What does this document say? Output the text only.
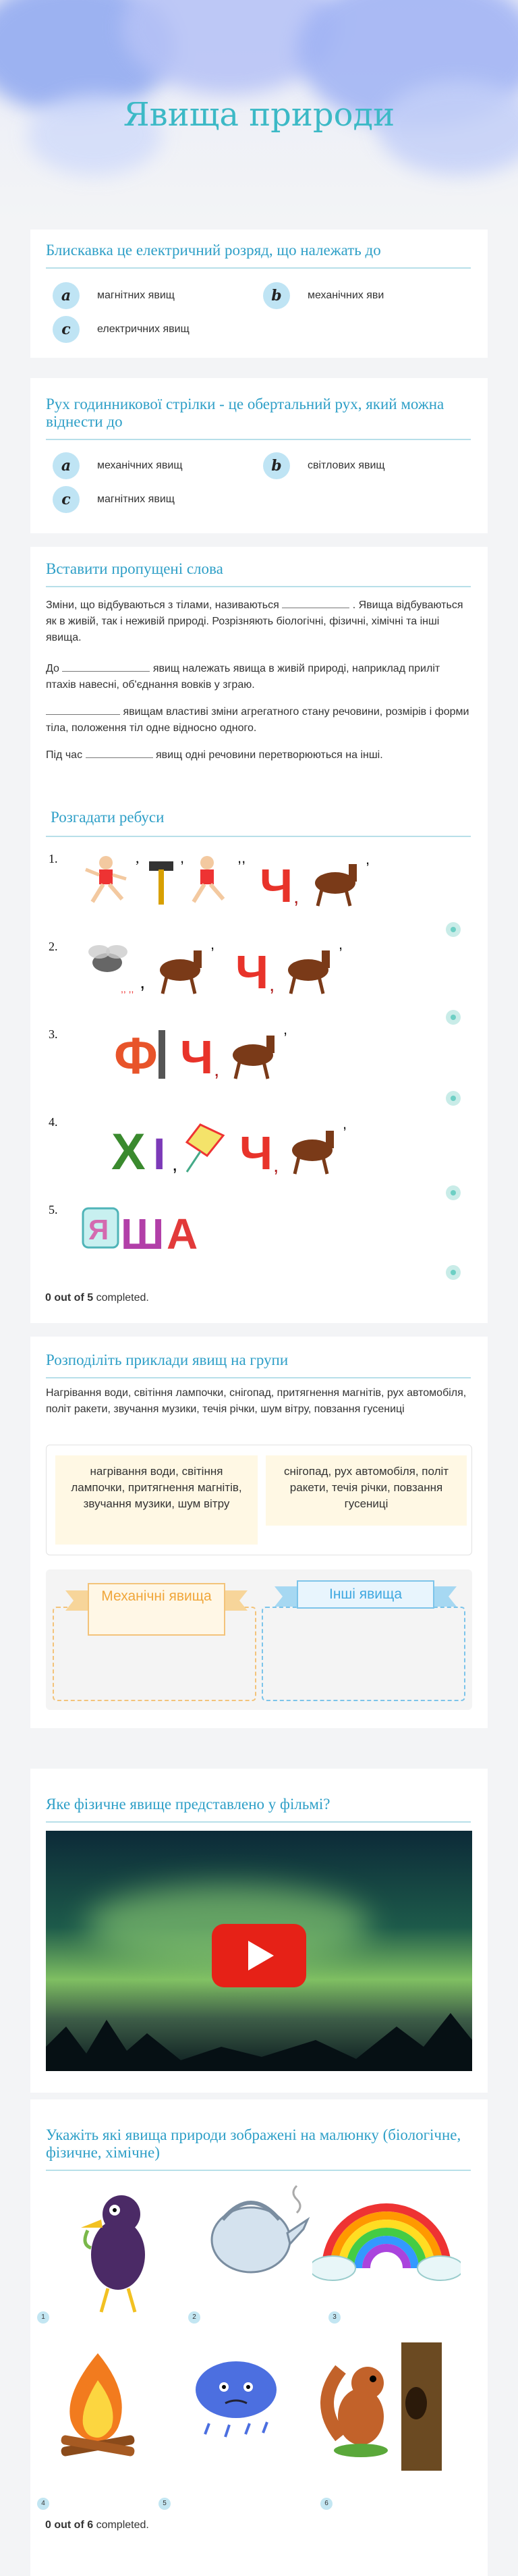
Явища природи
Блискавка це електричний розряд, що належать до
a	магнітних явищ	b	механічних яви
c	електричних явищ
Рух годинникової стрілки - це обертальний рух, який можна віднести до
a	механічних явищ	b	світлових явищ
c	магнітних явищ
Вставити пропущені слова
Зміни, що відбуваються з тілами, називаються	. Явища відбуваються як в живій, так і неживій природі. Розрізняють біологічні, фізичні, хімічні та інші явища.
До	явищ належать явища в живій природі, наприклад приліт птахів навесні, об'єднання вовків у зграю.
явищам властиві зміни агрегатного стану речовини, розмірів і форми тіла, положення тіл одне відносно одного.
Під час	явищ одні речовини перетворюються на інші.
Розгадати ребуси
1.	,	,	,,
Ч ,
,
2.
,, ,, ,
,
Ч ,
,
3. Ф Ч ,
,
4.
Х І , Ч ,
,
5.
Я Ш А
0 out of 5 completed.
Розподіліть приклади явищ на групи
Нагрівання води, світіння лампочки, снігопад, притягнення магнітів, рух автомобіля, політ ракети, звучання музики, течія річки, шум вітру, повзання гусениці
нагрівання води, світіння лампочки, притягнення магнітів, звучання музики, шум вітру
снігопад, рух автомобіля, політ ракети, течія річки, повзання гусениці
Механічні явища	Інші явища
Яке фізичне явище представлено у фільмі?
Укажіть які явища природи зображені на малюнку (біологічне, фізичне, хімічне)
1	2	3
4	5	6
0 out of 6 completed.
